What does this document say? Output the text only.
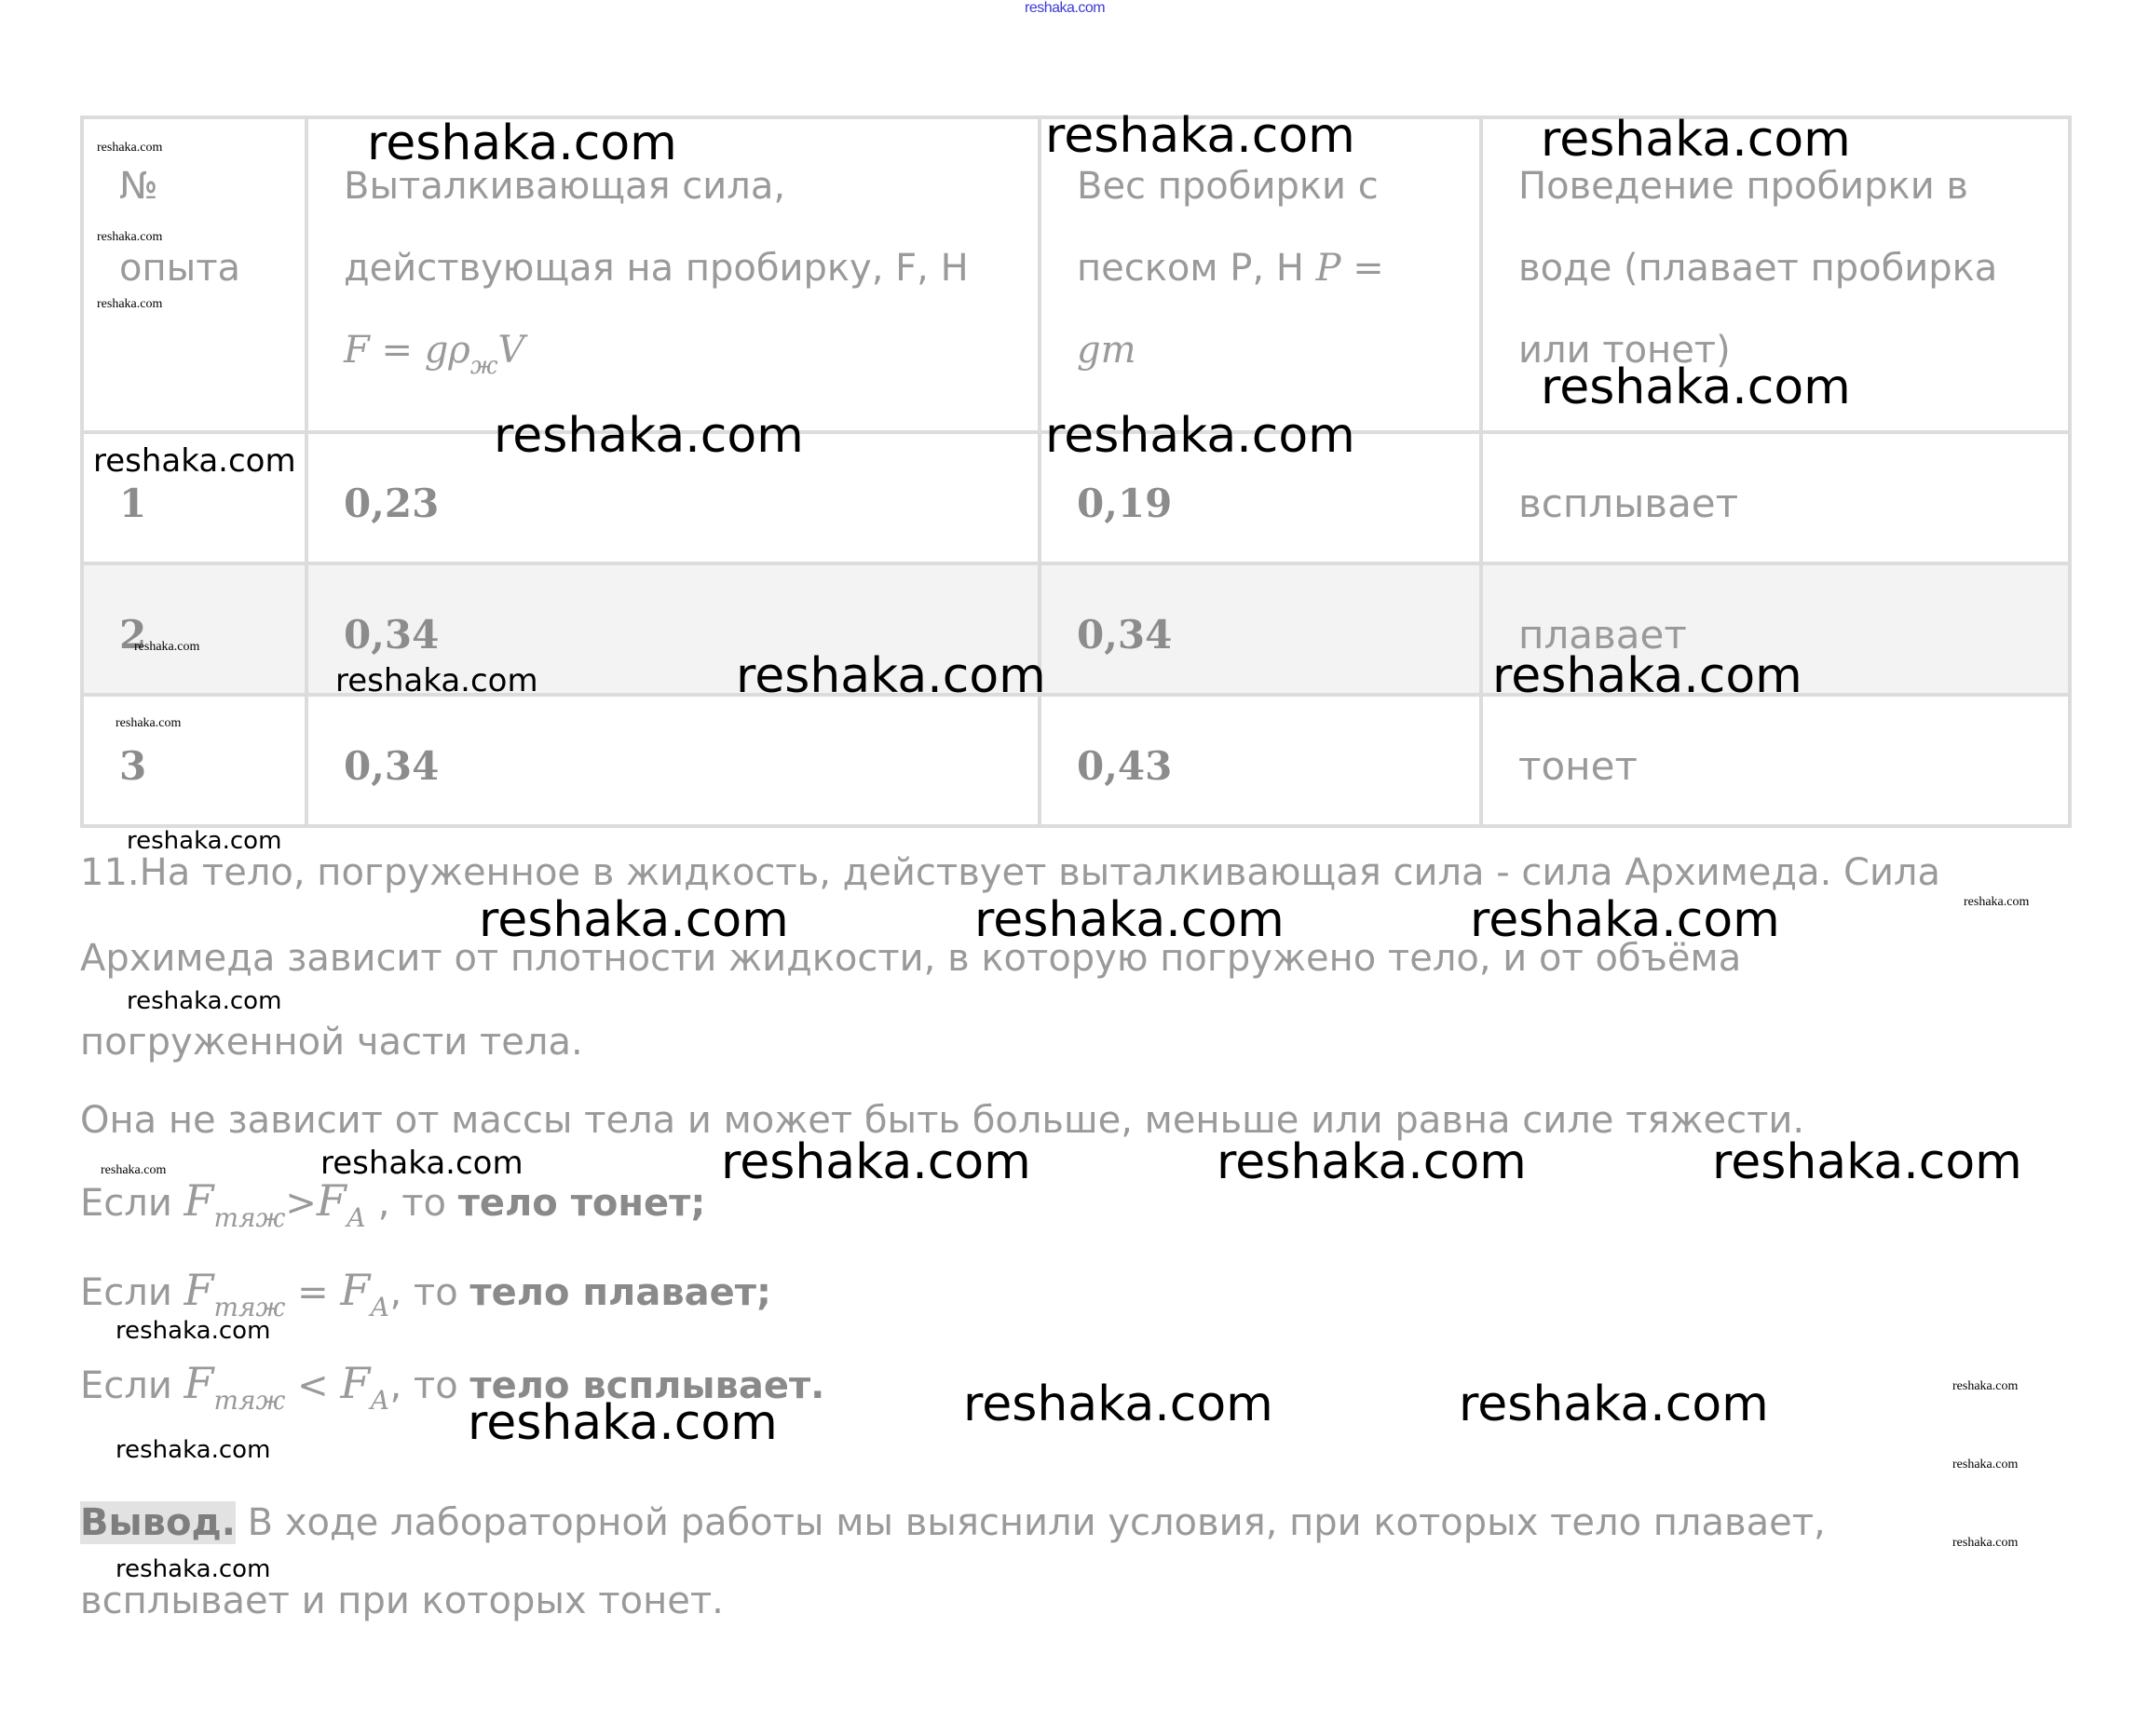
reshaka.com
№ опыта	Выталкивающая сила, действующая на пробирку, F, Н $F = g\rho_жV$	Вес пробирки с песком P, Н P = gm	Поведение пробирки в воде (плавает пробирка или тонет)
1	0,23	0,19	всплывает
2	0,34	0,34	плавает
3	0,34	0,43	тонет
11.На тело, погруженное в жидкость, действует выталкивающая сила - сила Архимеда. Сила
Архимеда зависит от плотности жидкости, в которую погружено тело, и от объёма
погруженной части тела.
Она не зависит от массы тела и может быть больше, меньше или равна силе тяжести.
Если $F_{тяж}>F_А$ , то тело тонет;
Если $F_{тяж} = F_А$, то тело плавает;
Если $F_{тяж} < F_А$, то тело всплывает.
Вывод. В ходе лабораторной работы мы выяснили условия, при которых тело плавает,
всплывает и при которых тонет.
reshaka.com	reshaka.com	reshaka.com
reshaka.com
reshaka.com	reshaka.com
reshaka.com	reshaka.com
reshaka.com	reshaka.com	reshaka.com
reshaka.com	reshaka.com	reshaka.com
reshaka.com	reshaka.com
reshaka.com
reshaka.com
reshaka.com
reshaka.com
reshaka.com
reshaka.com
reshaka.com
reshaka.com
reshaka.com
reshaka.com
reshaka.com
reshaka.com
reshaka.com
reshaka.com
reshaka.com
reshaka.com
reshaka.com
reshaka.com
reshaka.com
